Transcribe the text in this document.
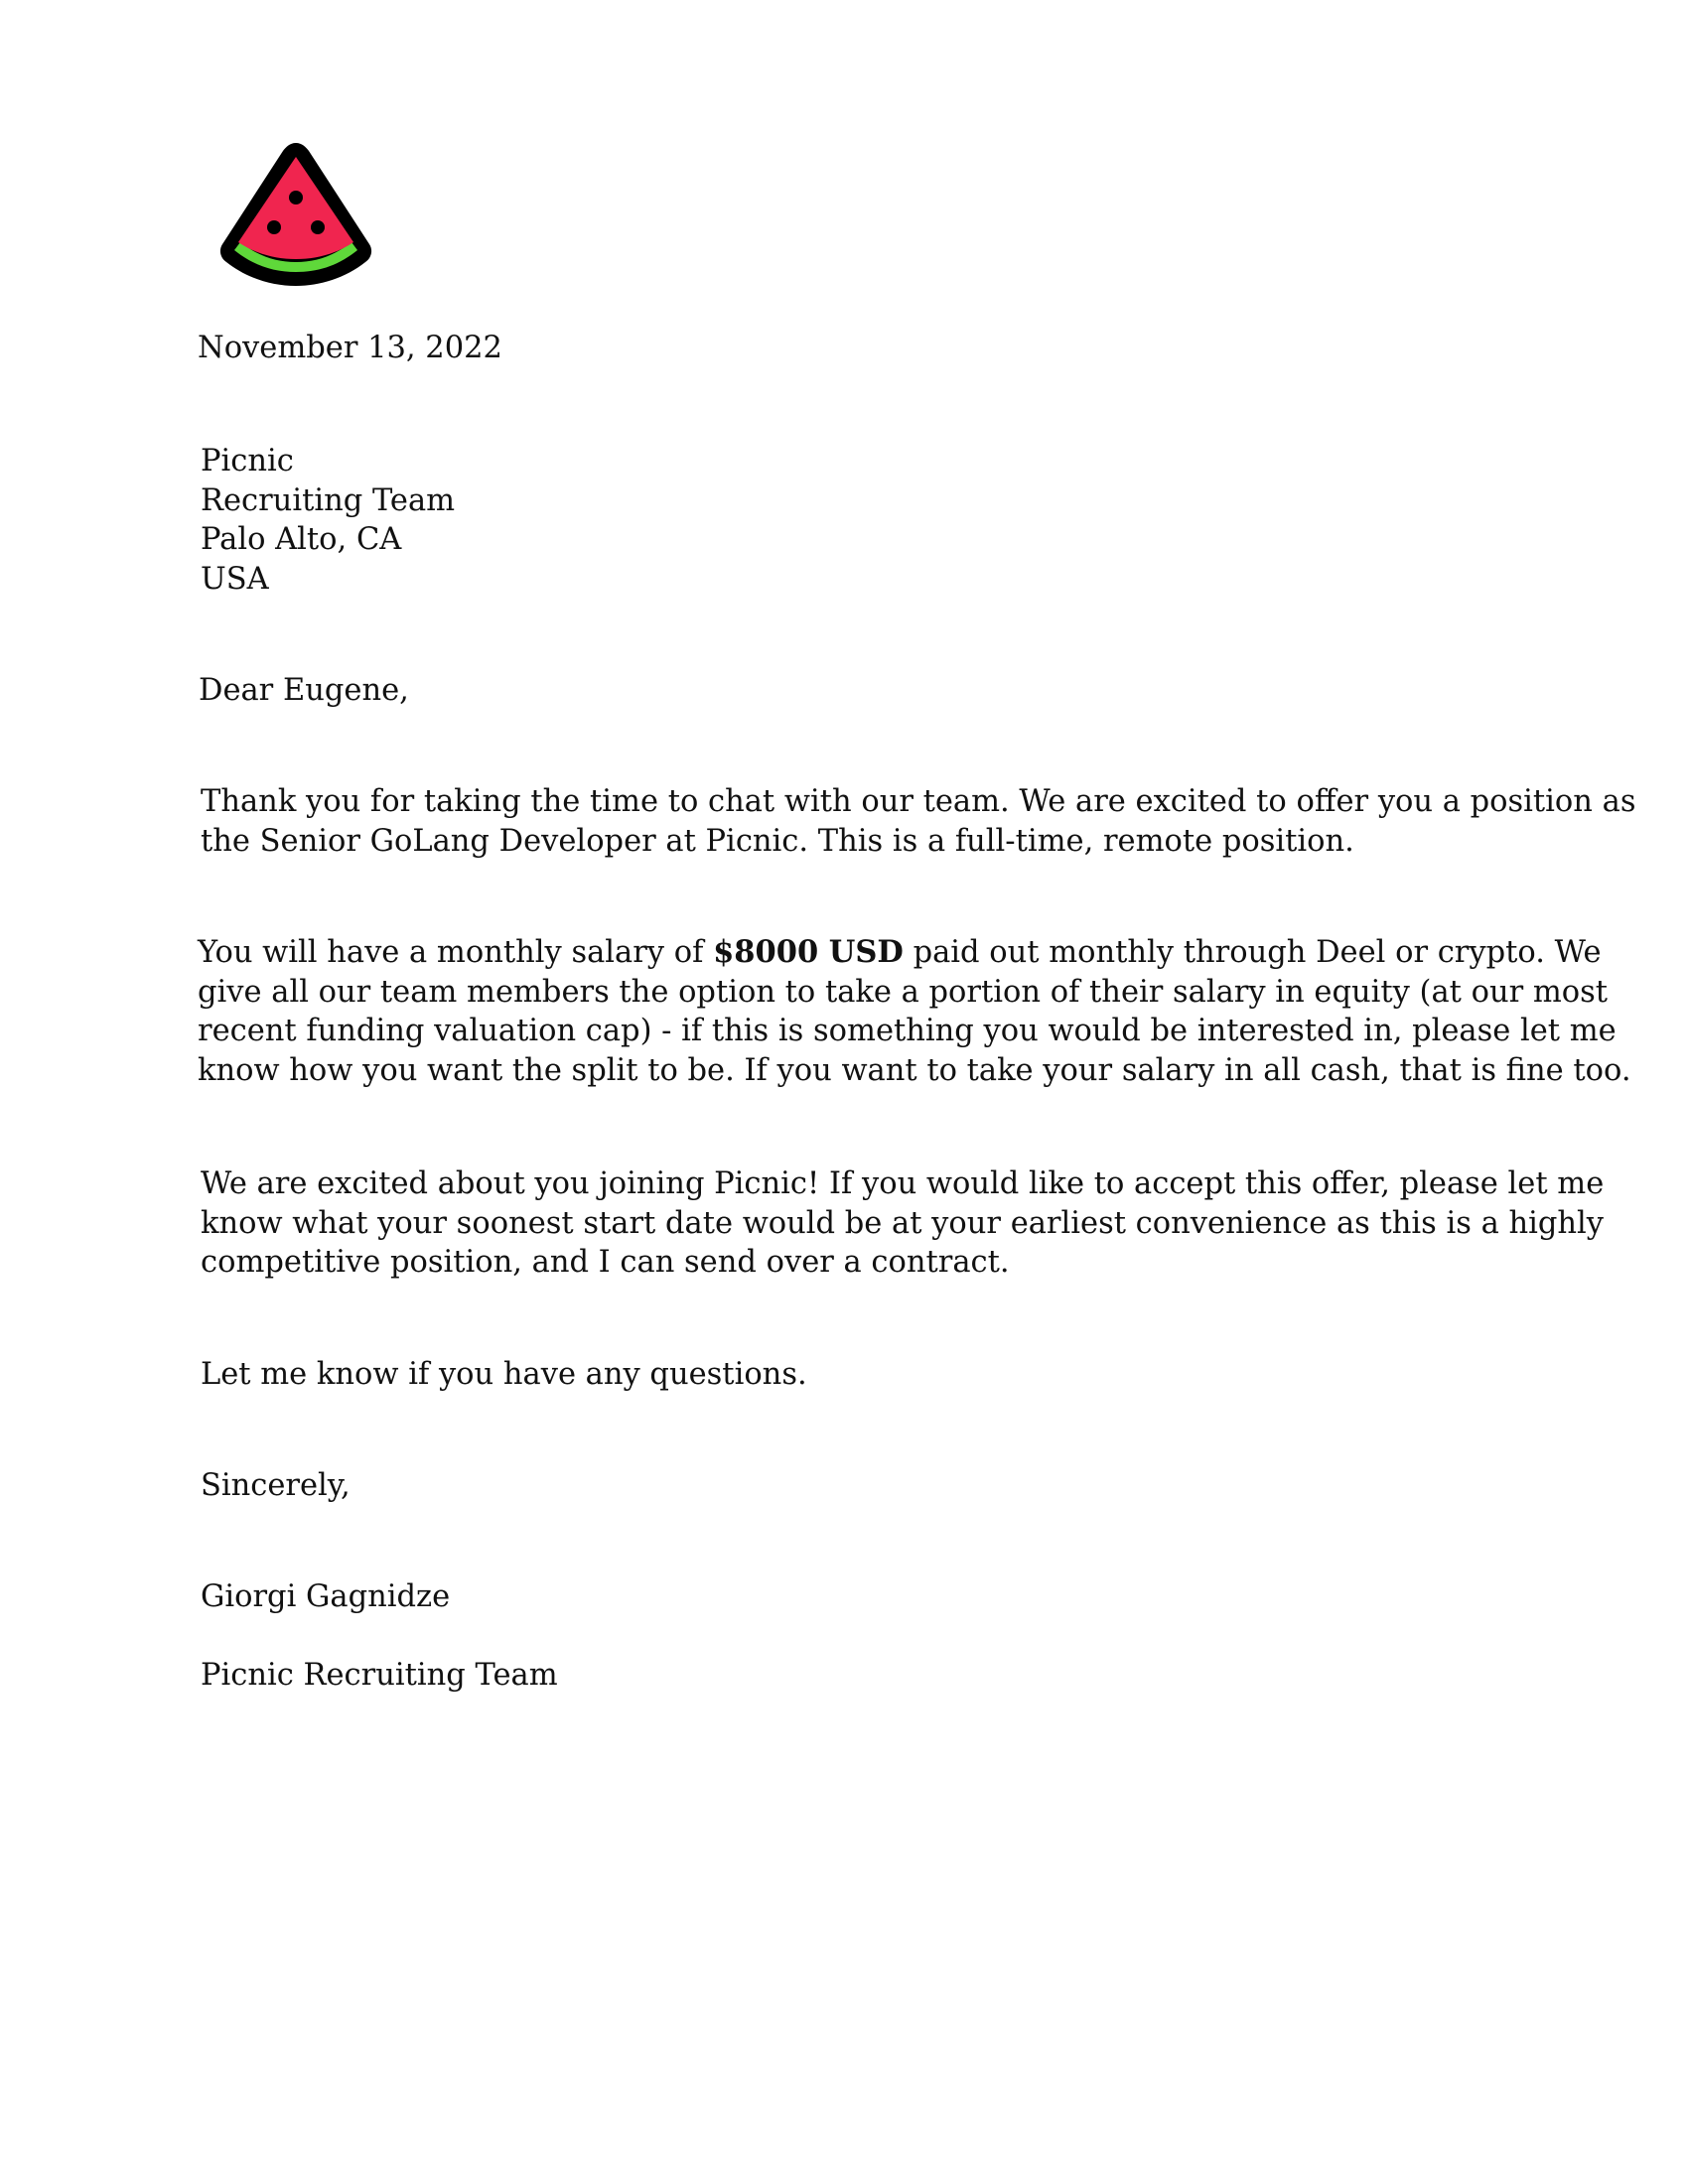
November 13, 2022

Picnic
Recruiting Team
Palo Alto, CA
USA

Dear Eugene,

Thank you for taking the time to chat with our team. We are excited to offer you a position as
the Senior GoLang Developer at Picnic. This is a full-time, remote position.
You will have a monthly salary of $8000 USD paid out monthly through Deel or crypto. We
give all our team members the option to take a portion of their salary in equity (at our most
recent funding valuation cap) - if this is something you would be interested in, please let me
know how you want the split to be. If you want to take your salary in all cash, that is fine too.
We are excited about you joining Picnic! If you would like to accept this offer, please let me
know what your soonest start date would be at your earliest convenience as this is a highly
competitive position, and I can send over a contract.

Let me know if you have any questions.

Sincerely,

Giorgi Gagnidze

Picnic Recruiting Team
